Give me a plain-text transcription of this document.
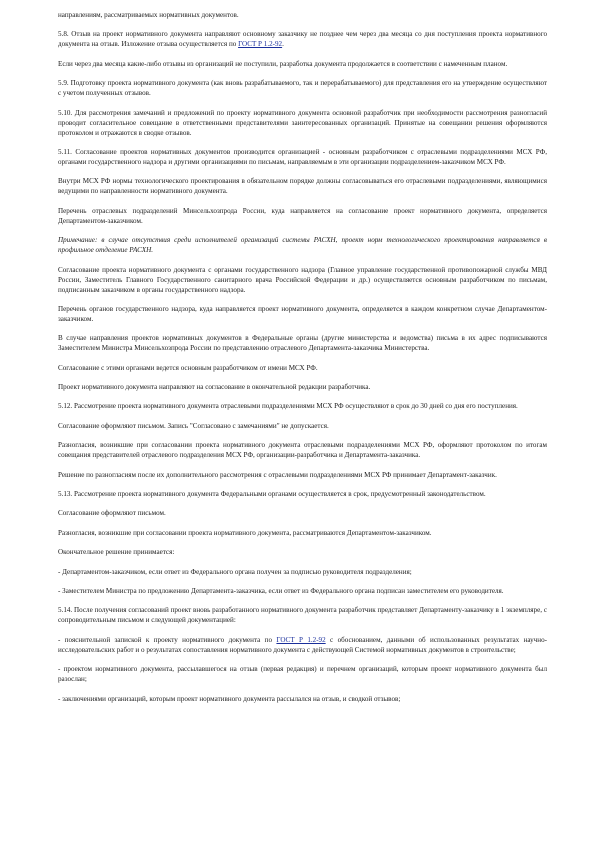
направлениям, рассматриваемых нормативных документов.

5.8. Отзыв на проект нормативного документа направляют основному заказчику не позднее чем через два месяца со дня поступления проекта нормативного документа на отзыв. Изложение отзыва осуществляется по ГОСТ Р 1.2-92.

Если через два месяца какие-либо отзывы из организаций не поступили, разработка документа продолжается в соответствии с намеченным планом.

5.9. Подготовку проекта нормативного документа (как вновь разрабатываемого, так и перерабатываемого) для представления его на утверждение осуществляют с учетом полученных отзывов.

5.10. Для рассмотрения замечаний и предложений по проекту нормативного документа основной разработчик при необходимости рассмотрения разногласий проводит согласительное совещание в ответственными представителями заинтересованных организаций. Принятые на совещании решения оформляются протоколом и отражаются в сводке отзывов.

5.11. Согласование проектов нормативных документов производится организацией - основным разработчиком с отраслевыми подразделениями МСХ РФ, органами государственного надзора и другими организациями по письмам, направляемым в эти организации подразделением-заказчиком МСХ РФ.

Внутри МСХ РФ нормы технологического проектирования в обязательном порядке должны согласовываться его отраслевыми подразделениями, являющимися ведущими по направленности нормативного документа.

Перечень отраслевых подразделений Минсельхозпрода России, куда направляется на согласование проект нормативного документа, определяется Департаментом-заказчиком.

Примечание: в случае отсутствия среди исполнителей организаций системы РАСХН, проект норм технологического проектирования направляется в профильное отделение РАСХН.

Согласование проекта нормативного документа с органами государственного надзора (Главное управление государственной противопожарной службы МВД России, Заместитель Главного Государственного санитарного врача Российской Федерации и др.) осуществляется основным разработчиком по письмам, подписанным заказчиком в органы государственного надзора.

Перечень органов государственного надзора, куда направляется проект нормативного документа, определяется в каждом конкретном случае Департаментом-заказчиком.

В случае направления проектов нормативных документов в Федеральные органы (другие министерства и ведомства) письма в их адрес подписываются Заместителем Министра Минсельхозпрода России по представлению отраслевого Департамента-заказчика Министерства.

Согласование с этими органами ведется основным разработчиком от имени МСХ РФ.

Проект нормативного документа направляют на согласование в окончательной редакции разработчика.

5.12. Рассмотрение проекта нормативного документа отраслевыми подразделениями МСХ РФ осуществляют в срок до 30 дней со дня его поступления.

Согласование оформляют письмом. Запись "Согласовано с замечаниями" не допускается.

Разногласия, возникшие при согласовании проекта нормативного документа отраслевыми подразделениями МСХ РФ, оформляют протоколом по итогам совещания представителей отраслевого подразделения МСХ РФ, организации-разработчика и Департамента-заказчика.

Решение по разногласиям после их дополнительного рассмотрения с отраслевыми подразделениями МСХ РФ принимает Департамент-заказчик.

5.13. Рассмотрение проекта нормативного документа Федеральными органами осуществляется в срок, предусмотренный законодательством.

Согласование оформляют письмом.

Разногласия, возникшие при согласовании проекта нормативного документа, рассматриваются Департаментом-заказчиком.

Окончательное решение принимается:

- Департаментом-заказчиком, если ответ из Федерального органа получен за подписью руководителя подразделения;

- Заместителем Министра по предложению Департамента-заказчика, если ответ из Федерального органа подписан заместителем его руководителя.

5.14. После получения согласований проект вновь разработанного нормативного документа разработчик представляет Департаменту-заказчику в 1 экземпляре, с сопроводительным письмом и следующей документацией:

- пояснительной запиской к проекту нормативного документа по ГОСТ Р 1.2-92 с обоснованием, данными об использованных результатах научно-исследовательских работ и о результатах сопоставления нормативного документа с действующей Системой нормативных документов в строительстве;

- проектом нормативного документа, рассылавшегося на отзыв (первая редакция) и перечнем организаций, которым проект нормативного документа был разослан;

- заключениями организаций, которым проект нормативного документа рассылался на отзыв, и сводкой отзывов;
